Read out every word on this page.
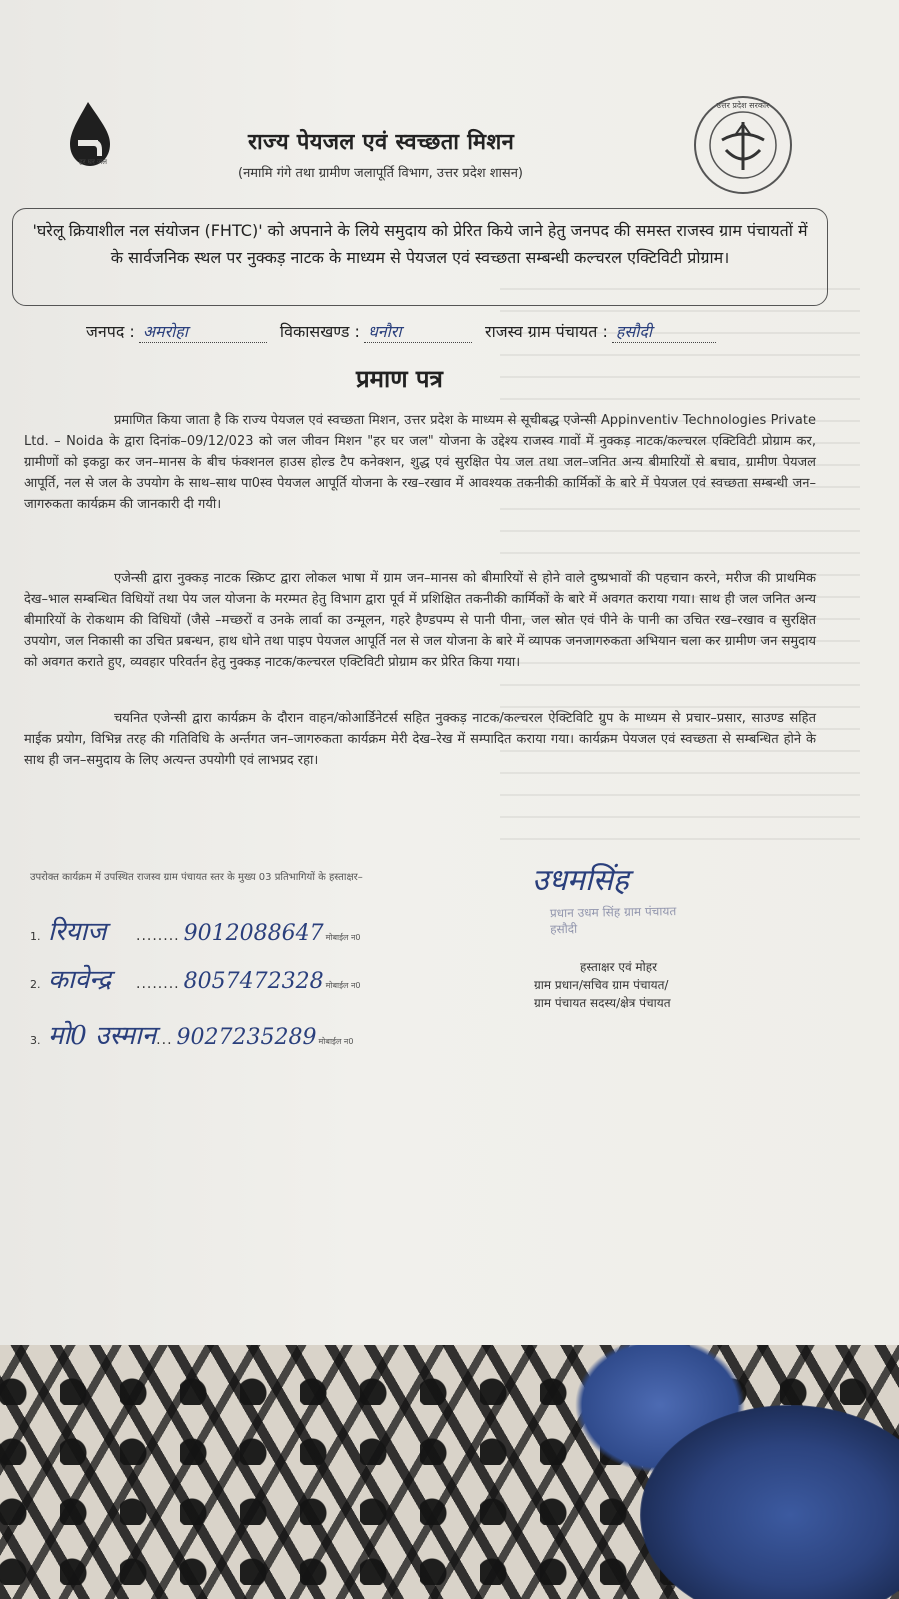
हर घर जल
राज्य पेयजल एवं स्वच्छता मिशन
(नमामि गंगे तथा ग्रामीण जलापूर्ति विभाग, उत्तर प्रदेश शासन)
उत्तर प्रदेश सरकार
'घरेलू क्रियाशील नल संयोजन (FHTC)' को अपनाने के लिये समुदाय को प्रेरित किये जाने हेतु जनपद की समस्त राजस्व ग्राम पंचायतों में के सार्वजनिक स्थल पर नुक्कड़ नाटक के माध्यम से पेयजल एवं स्वच्छता सम्बन्धी कल्चरल एक्टिविटी प्रोग्राम।
जनपद : अमरोहा	विकासखण्ड : धनौरा	राजस्व ग्राम पंचायत : हसौदी
प्रमाण पत्र
प्रमाणित किया जाता है कि राज्य पेयजल एवं स्वच्छता मिशन, उत्तर प्रदेश के माध्यम से सूचीबद्ध एजेन्सी Appinventiv Technologies Private Ltd. – Noida के द्वारा दिनांक–09/12/023 को जल जीवन मिशन "हर घर जल" योजना के उद्देश्य राजस्व गावों में नुक्कड़ नाटक/कल्चरल एक्टिविटी प्रोग्राम कर, ग्रामीणों को इकट्ठा कर जन–मानस के बीच फंक्शनल हाउस होल्ड टैप कनेक्शन, शुद्ध एवं सुरक्षित पेय जल तथा जल–जनित अन्य बीमारियों से बचाव, ग्रामीण पेयजल आपूर्ति, नल से जल के उपयोग के साथ–साथ पा0स्व पेयजल आपूर्ति योजना के रख–रखाव में आवश्यक तकनीकी कार्मिकों के बारे में पेयजल एवं स्वच्छता सम्बन्धी जन–जागरुकता कार्यक्रम की जानकारी दी गयी।
एजेन्सी द्वारा नुक्कड़ नाटक स्क्रिप्ट द्वारा लोकल भाषा में ग्राम जन–मानस को बीमारियों से होने वाले दुष्प्रभावों की पहचान करने, मरीज की प्राथमिक देख–भाल सम्बन्धित विधियों तथा पेय जल योजना के मरम्मत हेतु विभाग द्वारा पूर्व में प्रशिक्षित तकनीकी कार्मिकों के बारे में अवगत कराया गया। साथ ही जल जनित अन्य बीमारियों के रोकथाम की विधियों (जैसे –मच्छरों व उनके लार्वा का उन्मूलन, गहरे हैण्डपम्प से पानी पीना, जल स्रोत एवं पीने के पानी का उचित रख–रखाव व सुरक्षित उपयोग, जल निकासी का उचित प्रबन्धन, हाथ धोने तथा पाइप पेयजल आपूर्ति नल से जल योजना के बारे में व्यापक जनजागरुकता अभियान चला कर ग्रामीण जन समुदाय को अवगत कराते हुए, व्यवहार परिवर्तन हेतु नुक्कड़ नाटक/कल्चरल एक्टिविटी प्रोग्राम कर प्रेरित किया गया।
चयनित एजेन्सी द्वारा कार्यक्रम के दौरान वाहन/कोआर्डिनेटर्स सहित नुक्कड़ नाटक/कल्चरल ऐक्टिविटि ग्रुप के माध्यम से प्रचार–प्रसार, साउण्ड सहित माईक प्रयोग, विभिन्न तरह की गतिविधि के अर्न्तगत जन–जागरुकता कार्यक्रम मेरी देख–रेख में सम्पादित कराया गया। कार्यक्रम पेयजल एवं स्वच्छता से सम्बन्धित होने के साथ ही जन–समुदाय के लिए अत्यन्त उपयोगी एवं लाभप्रद रहा।
उपरोक्त कार्यक्रम में उपस्थित राजस्व ग्राम पंचायत स्तर के मुख्य 03 प्रतिभागियों के हस्ताक्षर–
1. रियाज ........ 9012088647 मोबाईल न0
2. कावेन्द्र ........ 8057472328 मोबाईल न0
3. मो0 उस्मान... 9027235289 मोबाईल न0
उधमसिंह
प्रधान उधम सिंह ग्राम पंचायत हसौदी
हस्ताक्षर एवं मोहर
ग्राम प्रधान/सचिव ग्राम पंचायत/
ग्राम पंचायत सदस्य/क्षेत्र पंचायत
